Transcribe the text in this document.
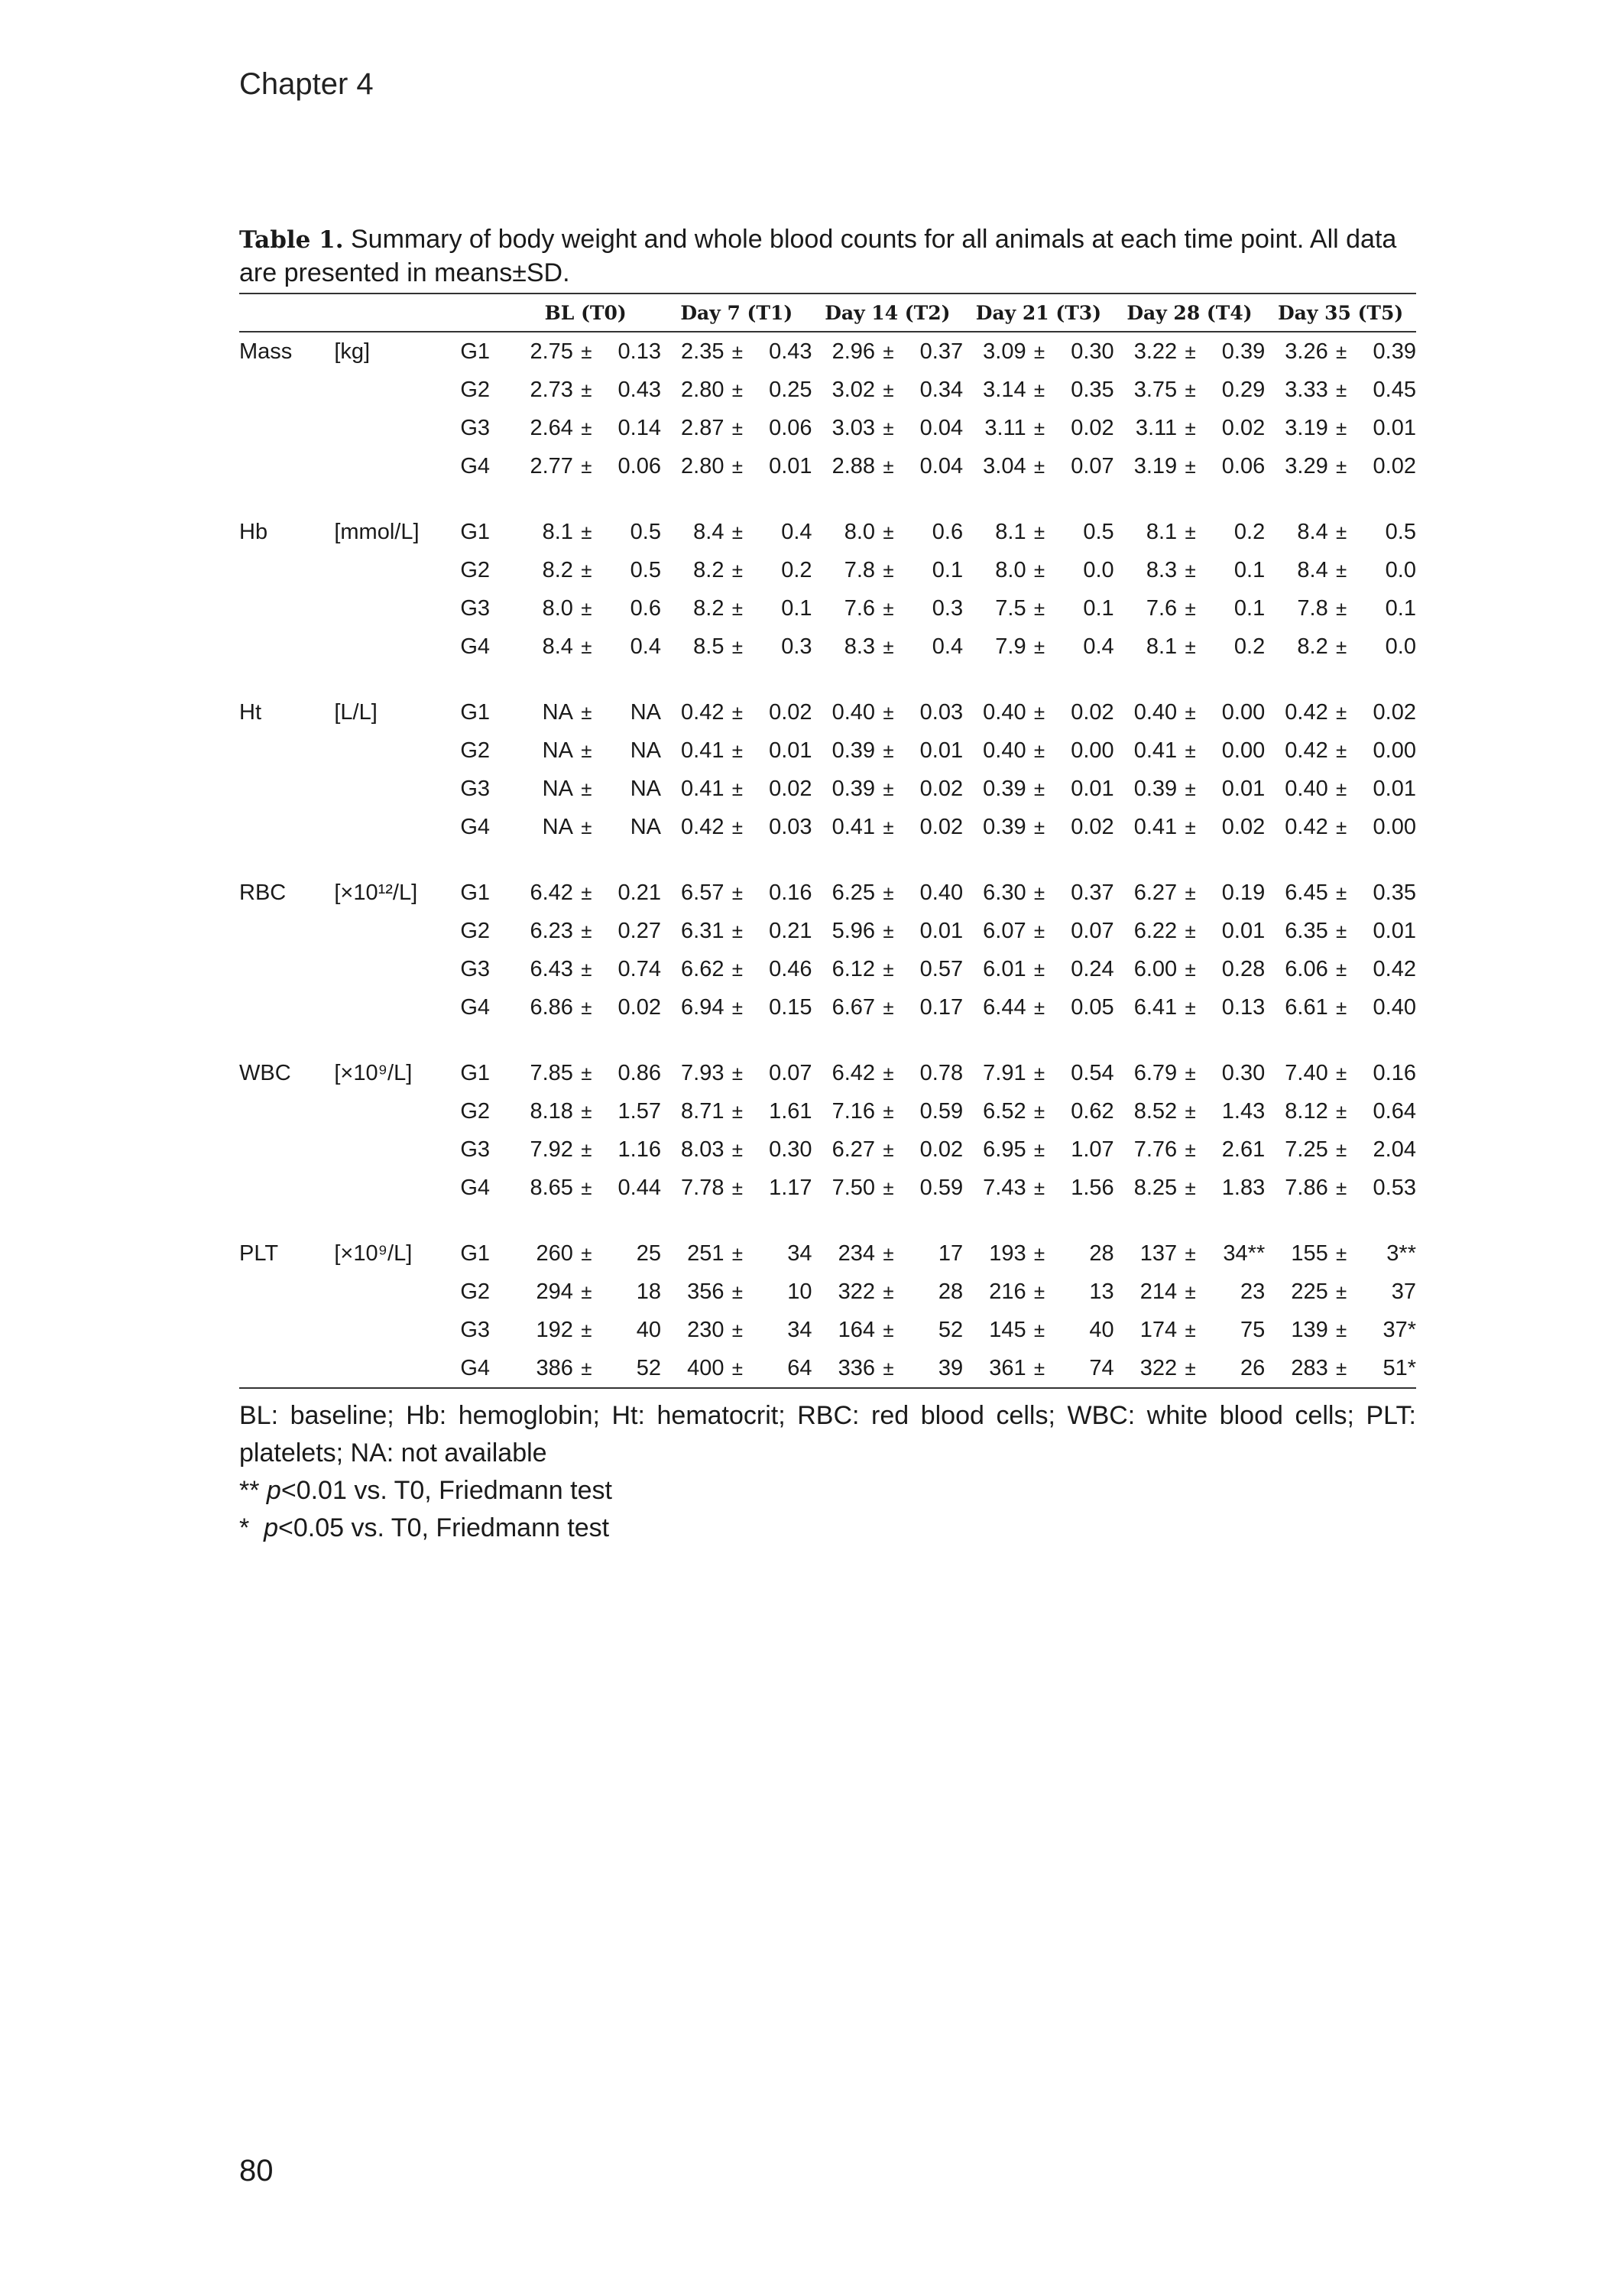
Chapter 4
Table 1. Summary of body weight and whole blood counts for all animals at each time point. All data are presented in means±SD.
			BL (T0)			Day 7 (T1)			Day 14 (T2)			Day 21 (T3)			Day 28 (T4)			Day 35 (T5)		
Mass	[kg]	G1	2.75	±	0.13	2.35	±	0.43	2.96	±	0.37	3.09	±	0.30	3.22	±	0.39	3.26	±	0.39
		G2	2.73	±	0.43	2.80	±	0.25	3.02	±	0.34	3.14	±	0.35	3.75	±	0.29	3.33	±	0.45
		G3	2.64	±	0.14	2.87	±	0.06	3.03	±	0.04	3.11	±	0.02	3.11	±	0.02	3.19	±	0.01
		G4	2.77	±	0.06	2.80	±	0.01	2.88	±	0.04	3.04	±	0.07	3.19	±	0.06	3.29	±	0.02

Hb	[mmol/L]	G1	8.1	±	0.5	8.4	±	0.4	8.0	±	0.6	8.1	±	0.5	8.1	±	0.2	8.4	±	0.5
		G2	8.2	±	0.5	8.2	±	0.2	7.8	±	0.1	8.0	±	0.0	8.3	±	0.1	8.4	±	0.0
		G3	8.0	±	0.6	8.2	±	0.1	7.6	±	0.3	7.5	±	0.1	7.6	±	0.1	7.8	±	0.1
		G4	8.4	±	0.4	8.5	±	0.3	8.3	±	0.4	7.9	±	0.4	8.1	±	0.2	8.2	±	0.0

Ht	[L/L]	G1	NA	±	NA	0.42	±	0.02	0.40	±	0.03	0.40	±	0.02	0.40	±	0.00	0.42	±	0.02
		G2	NA	±	NA	0.41	±	0.01	0.39	±	0.01	0.40	±	0.00	0.41	±	0.00	0.42	±	0.00
		G3	NA	±	NA	0.41	±	0.02	0.39	±	0.02	0.39	±	0.01	0.39	±	0.01	0.40	±	0.01
		G4	NA	±	NA	0.42	±	0.03	0.41	±	0.02	0.39	±	0.02	0.41	±	0.02	0.42	±	0.00

RBC	[×10¹²/L]	G1	6.42	±	0.21	6.57	±	0.16	6.25	±	0.40	6.30	±	0.37	6.27	±	0.19	6.45	±	0.35
		G2	6.23	±	0.27	6.31	±	0.21	5.96	±	0.01	6.07	±	0.07	6.22	±	0.01	6.35	±	0.01
		G3	6.43	±	0.74	6.62	±	0.46	6.12	±	0.57	6.01	±	0.24	6.00	±	0.28	6.06	±	0.42
		G4	6.86	±	0.02	6.94	±	0.15	6.67	±	0.17	6.44	±	0.05	6.41	±	0.13	6.61	±	0.40

WBC	[×10⁹/L]	G1	7.85	±	0.86	7.93	±	0.07	6.42	±	0.78	7.91	±	0.54	6.79	±	0.30	7.40	±	0.16
		G2	8.18	±	1.57	8.71	±	1.61	7.16	±	0.59	6.52	±	0.62	8.52	±	1.43	8.12	±	0.64
		G3	7.92	±	1.16	8.03	±	0.30	6.27	±	0.02	6.95	±	1.07	7.76	±	2.61	7.25	±	2.04
		G4	8.65	±	0.44	7.78	±	1.17	7.50	±	0.59	7.43	±	1.56	8.25	±	1.83	7.86	±	0.53

PLT	[×10⁹/L]	G1	260	±	25	251	±	34	234	±	17	193	±	28	137	±	34**	155	±	3**
		G2	294	±	18	356	±	10	322	±	28	216	±	13	214	±	23	225	±	37
		G3	192	±	40	230	±	34	164	±	52	145	±	40	174	±	75	139	±	37*
		G4	386	±	52	400	±	64	336	±	39	361	±	74	322	±	26	283	±	51*

BL: baseline; Hb: hemoglobin; Ht: hematocrit; RBC: red blood cells; WBC: white blood cells; PLT: platelets; NA: not available

** p<0.01 vs. T0, Friedmann test

*  p<0.05 vs. T0, Friedmann test

80
